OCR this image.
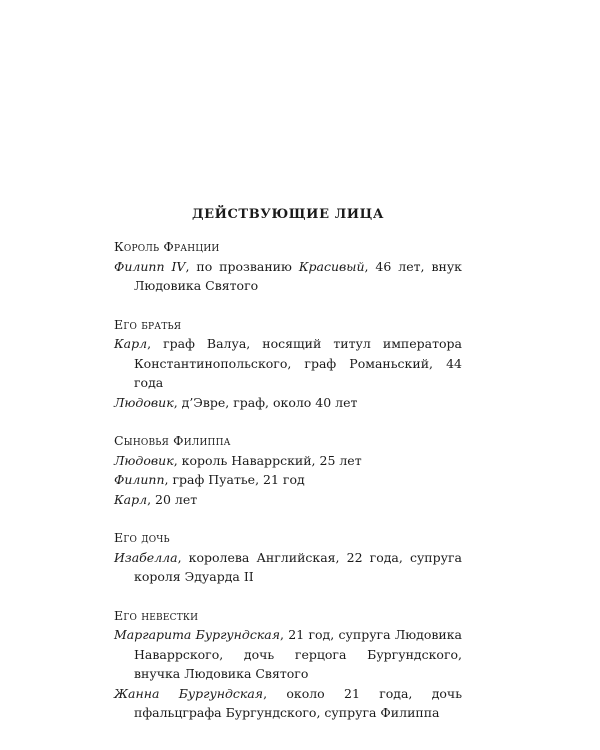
ДЕЙСТВУЮЩИЕ ЛИЦА

Король Франции

Филипп IV, по прозванию Красивый, 46 лет, внук Людовика Святого

Его братья

Карл, граф Валуа, носящий титул императора Константинопольского, граф Романьский, 44 года

Людовик, д’Эвре, граф, около 40 лет

Сыновья Филиппа

Людовик, король Наваррский, 25 лет

Филипп, граф Пуатье, 21 год

Карл, 20 лет

Его дочь

Изабелла, королева Английская, 22 года, супруга короля Эдуарда II

Его невестки

Маргарита Бургундская, 21 год, супруга Людовика Наваррского, дочь герцога Бургундского, внучка Людовика Святого

Жанна Бургундская, около 21 года, дочь пфальцграфа Бургундского, супруга Филиппа
